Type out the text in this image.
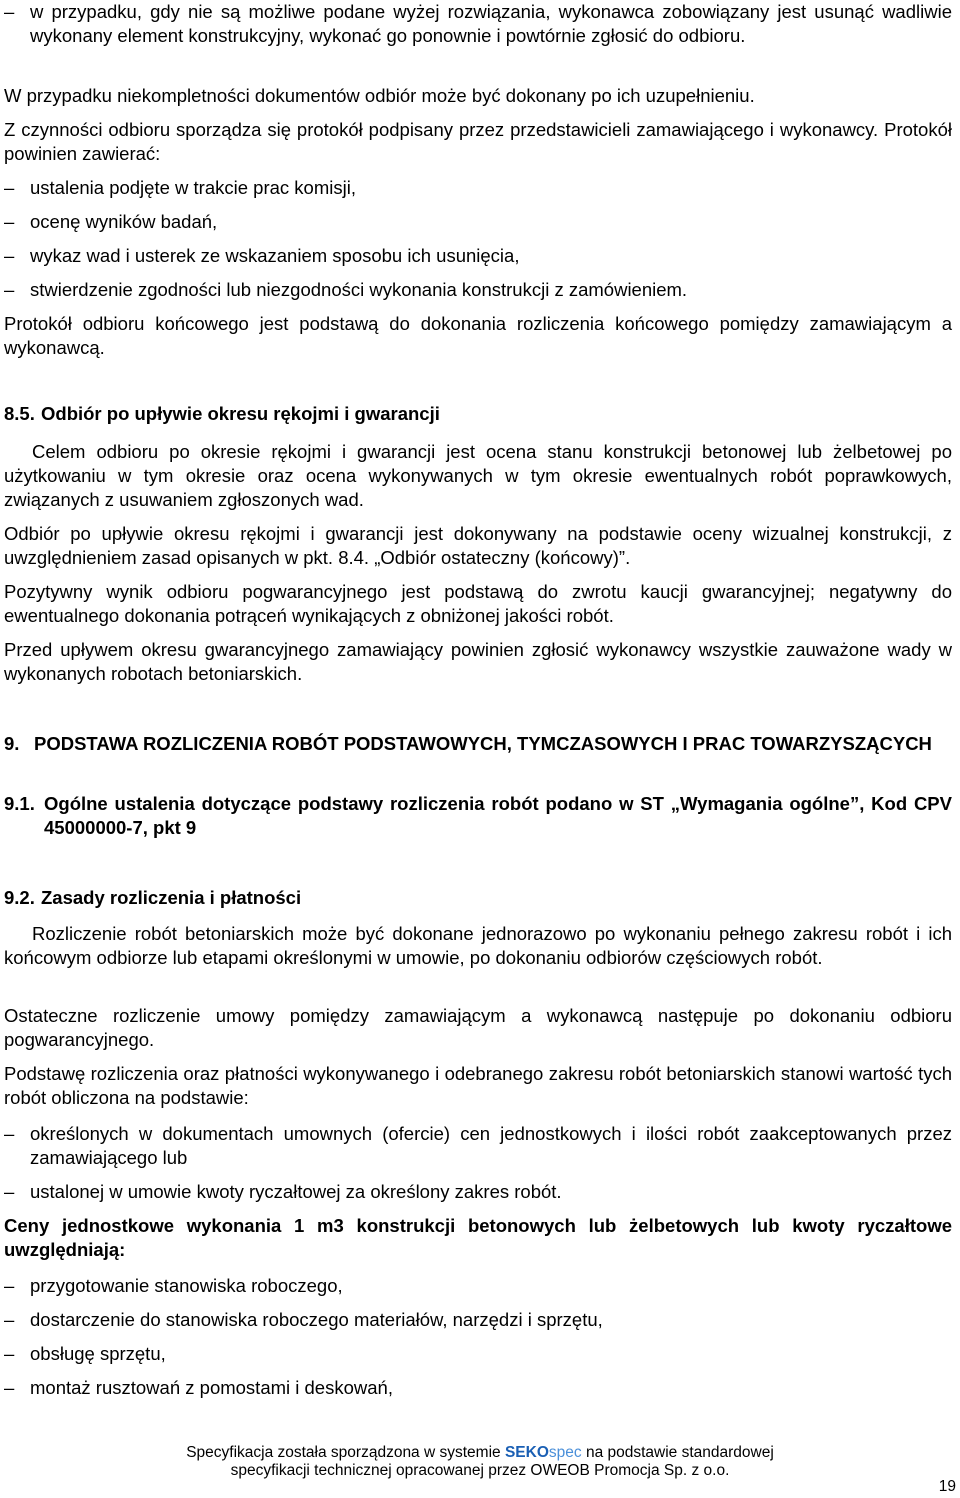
– w przypadku, gdy nie są możliwe podane wyżej rozwiązania, wykonawca zobowiązany jest usunąć wadliwie wykonany element konstrukcyjny, wykonać go ponownie i powtórnie zgłosić do odbioru.

W przypadku niekompletności dokumentów odbiór może być dokonany po ich uzupełnieniu.

Z czynności odbioru sporządza się protokół podpisany przez przedstawicieli zamawiającego i wykonawcy. Protokół powinien zawierać:

– ustalenia podjęte w trakcie prac komisji,
– ocenę wyników badań,
– wykaz wad i usterek ze wskazaniem sposobu ich usunięcia,
– stwierdzenie zgodności lub niezgodności wykonania konstrukcji z zamówieniem.

Protokół odbioru końcowego jest podstawą do dokonania rozliczenia końcowego pomiędzy zamawiającym a wykonawcą.

8.5. Odbiór po upływie okresu rękojmi i gwarancji

Celem odbioru po okresie rękojmi i gwarancji jest ocena stanu konstrukcji betonowej lub żelbetowej po użytkowaniu w tym okresie oraz ocena wykonywanych w tym okresie ewentualnych robót poprawkowych, związanych z usuwaniem zgłoszonych wad.

Odbiór po upływie okresu rękojmi i gwarancji jest dokonywany na podstawie oceny wizualnej konstrukcji, z uwzględnieniem zasad opisanych w pkt. 8.4. „Odbiór ostateczny (końcowy)”.

Pozytywny wynik odbioru pogwarancyjnego jest podstawą do zwrotu kaucji gwarancyjnej; negatywny do ewentualnego dokonania potrąceń wynikających z obniżonej jakości robót.

Przed upływem okresu gwarancyjnego zamawiający powinien zgłosić wykonawcy wszystkie zauważone wady w wykonanych robotach betoniarskich.

9. PODSTAWA ROZLICZENIA ROBÓT PODSTAWOWYCH, TYMCZASOWYCH I PRAC TOWARZYSZĄCYCH
9.1. Ogólne ustalenia dotyczące podstawy rozliczenia robót podano w ST „Wymagania ogólne”, Kod CPV 45000000-7, pkt 9
9.2. Zasady rozliczenia i płatności

Rozliczenie robót betoniarskich może być dokonane jednorazowo po wykonaniu pełnego zakresu robót i ich końcowym odbiorze lub etapami określonymi w umowie, po dokonaniu odbiorów częściowych robót.

Ostateczne rozliczenie umowy pomiędzy zamawiającym a wykonawcą następuje po dokonaniu odbioru pogwarancyjnego.

Podstawę rozliczenia oraz płatności wykonywanego i odebranego zakresu robót betoniarskich stanowi wartość tych robót obliczona na podstawie:

– określonych w dokumentach umownych (ofercie) cen jednostkowych i ilości robót zaakceptowanych przez zamawiającego lub
– ustalonej w umowie kwoty ryczałtowej za określony zakres robót.

Ceny jednostkowe wykonania 1 m3 konstrukcji betonowych lub żelbetowych lub kwoty ryczałtowe uwzględniają:

– przygotowanie stanowiska roboczego,
– dostarczenie do stanowiska roboczego materiałów, narzędzi i sprzętu,
– obsługę sprzętu,
– montaż rusztowań z pomostami i deskowań,
Specyfikacja została sporządzona w systemie SEKOspec na podstawie standardowej
specyfikacji technicznej opracowanej przez OWEOB Promocja Sp. z o.o.
19
